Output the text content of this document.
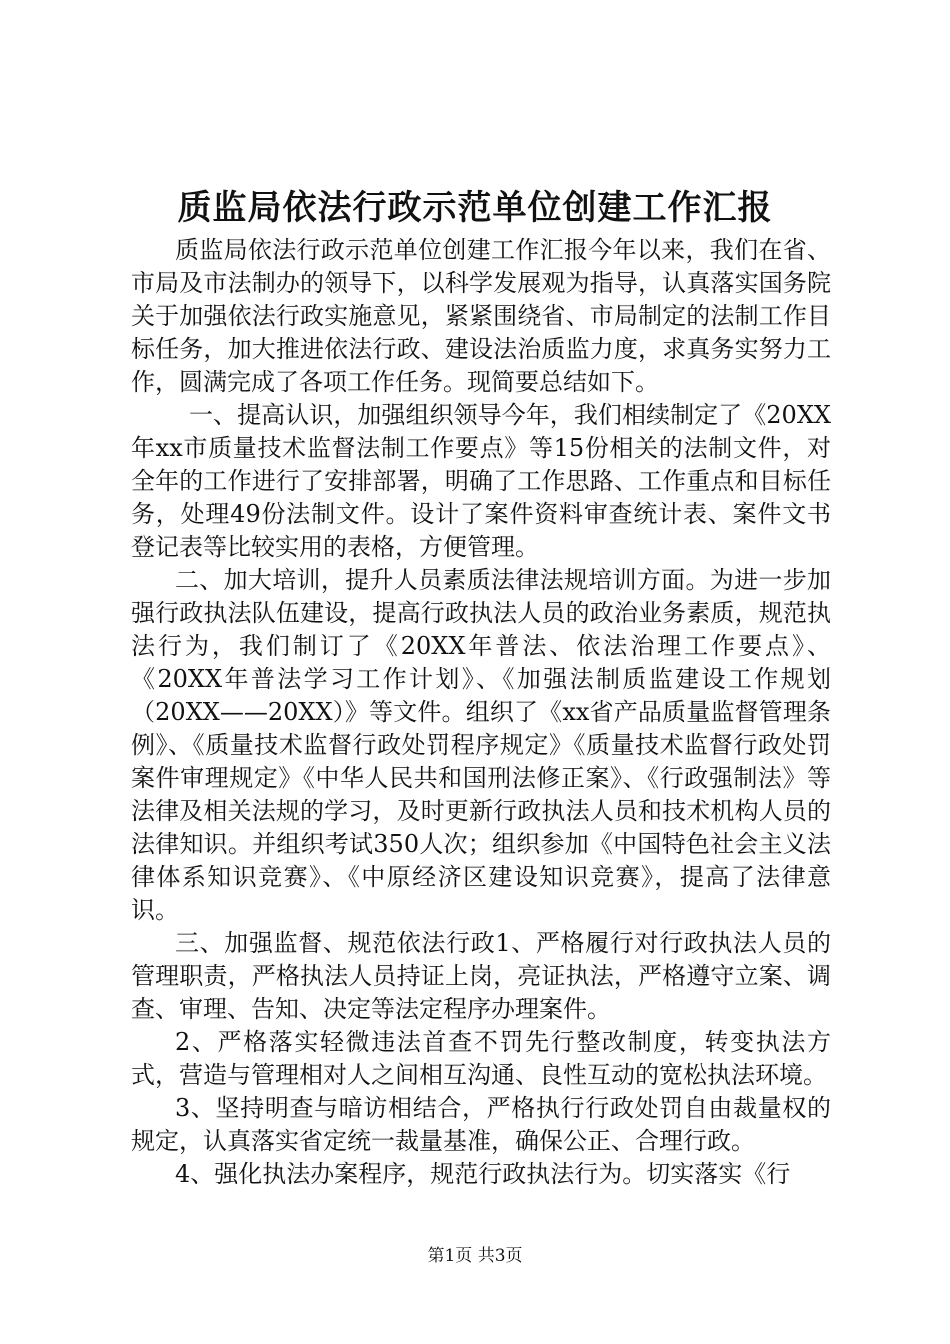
质监局依法行政示范单位创建工作汇报

质监局依法行政示范单位创建工作汇报今年以来，我们在省、市局及市法制办的领导下，以科学发展观为指导，认真落实国务院关于加强依法行政实施意见，紧紧围绕省、市局制定的法制工作目标任务，加大推进依法行政、建设法治质监力度，求真务实努力工作，圆满完成了各项工作任务。现简要总结如下。

一、提高认识，加强组织领导今年，我们相续制定了《20XX年xx市质量技术监督法制工作要点》等15份相关的法制文件，对全年的工作进行了安排部署，明确了工作思路、工作重点和目标任务，处理49份法制文件。设计了案件资料审查统计表、案件文书登记表等比较实用的表格，方便管理。

二、加大培训，提升人员素质法律法规培训方面。为进一步加强行政执法队伍建设，提高行政执法人员的政治业务素质，规范执法行为，我们制订了《20XX年普法、依法治理工作要点》、《20XX年普法学习工作计划》、《加强法制质监建设工作规划（20XX——20XX）》等文件。组织了《xx省产品质量监督管理条例》、《质量技术监督行政处罚程序规定》《质量技术监督行政处罚案件审理规定》《中华人民共和国刑法修正案》、《行政强制法》等法律及相关法规的学习，及时更新行政执法人员和技术机构人员的法律知识。并组织考试350人次；组织参加《中国特色社会主义法律体系知识竞赛》、《中原经济区建设知识竞赛》，提高了法律意识。

三、加强监督、规范依法行政1、严格履行对行政执法人员的管理职责，严格执法人员持证上岗，亮证执法，严格遵守立案、调查、审理、告知、决定等法定程序办理案件。

2、严格落实轻微违法首查不罚先行整改制度，转变执法方式，营造与管理相对人之间相互沟通、良性互动的宽松执法环境。

3、坚持明查与暗访相结合，严格执行行政处罚自由裁量权的规定，认真落实省定统一裁量基准，确保公正、合理行政。

4、强化执法办案程序，规范行政执法行为。切实落实《行

第1页 共3页
